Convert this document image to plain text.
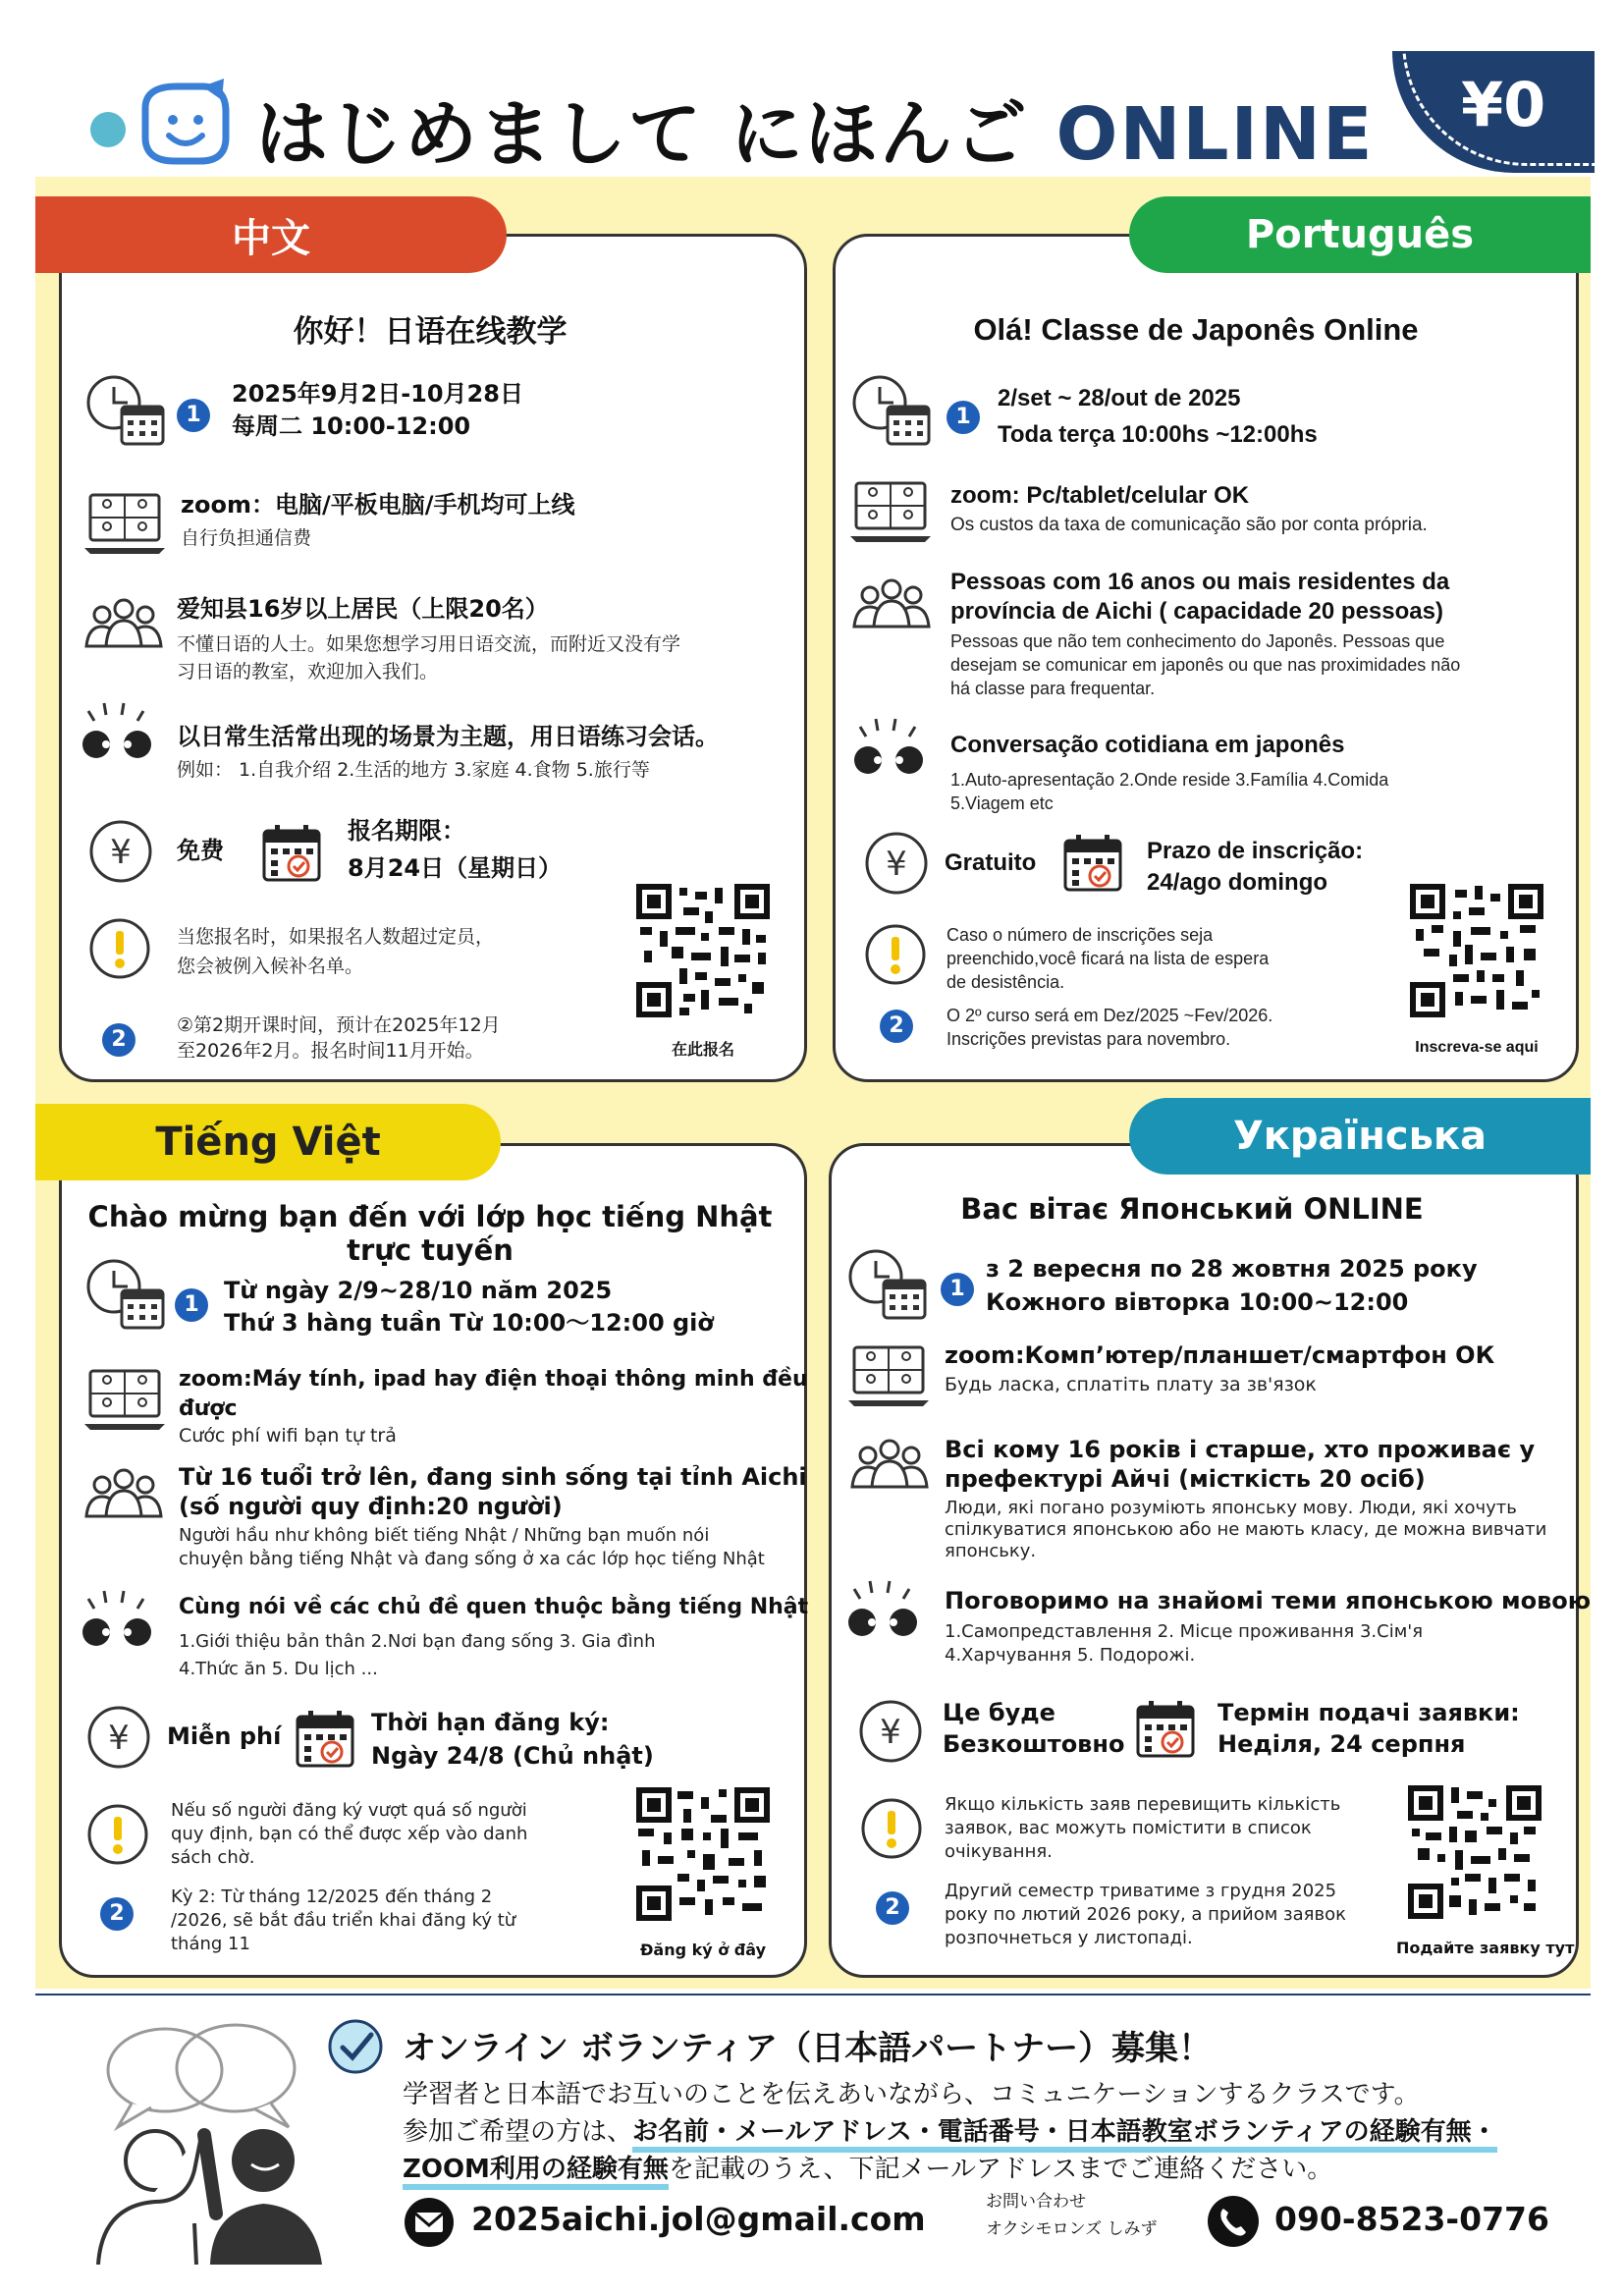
はじめまして にほんご ONLINE ¥0
中文
你好！日语在线教学
1
2025年9月2日-10月28日
每周二 10:00-12:00
zoom：电脑/平板电脑/手机均可上线
自行负担通信费
爱知县16岁以上居民（上限20名）
不懂日语的人士。如果您想学习用日语交流，而附近又没有学
习日语的教室，欢迎加入我们。
以日常生活常出现的场景为主题，用日语练习会话。
例如： 1.自我介绍 2.生活的地方 3.家庭 4.食物 5.旅行等
¥ 免费
报名期限：
8月24日（星期日）
当您报名时，如果报名人数超过定员，
您会被例入候补名单。
2
②第2期开课时间，预计在2025年12月
至2026年2月。报名时间11月开始。	在此报名
Português
Olá! Classe de Japonês Online
1
2/set ~ 28/out de 2025
Toda terça 10:00hs ~12:00hs
zoom: Pc/tablet/celular OK
Os custos da taxa de comunicação são por conta própria.
Pessoas com 16 anos ou mais residentes da
província de Aichi ( capacidade 20 pessoas)
Pessoas que não tem conhecimento do Japonês. Pessoas que
desejam se comunicar em japonês ou que nas proximidades não
há classe para frequentar.
Conversação cotidiana em japonês
1.Auto-apresentação 2.Onde reside 3.Família 4.Comida
5.Viagem etc
¥ Gratuito	Prazo de inscrição:
24/ago domingo
Caso o número de inscrições seja
preenchido,você ficará na lista de espera
de desistência.
2	O 2º curso será em Dez/2025 ~Fev/2026.
Inscrições previstas para novembro.	Inscreva-se aqui
Tiếng Việt
Chào mừng bạn đến với lớp học tiếng Nhật
trực tuyến
1
Từ ngày 2/9~28/10 năm 2025
Thứ 3 hàng tuần Từ 10:00〜12:00 giờ
zoom:Máy tính, ipad hay điện thoại thông minh đều
được
Cước phí wifi bạn tự trả
Từ 16 tuổi trở lên, đang sinh sống tại tỉnh Aichi
(số người quy định:20 người)
Người hầu như không biết tiếng Nhật / Những bạn muốn nói
chuyện bằng tiếng Nhật và đang sống ở xa các lớp học tiếng Nhật
Cùng nói về các chủ đề quen thuộc bằng tiếng Nhật
1.Giới thiệu bản thân 2.Nơi bạn đang sống 3. Gia đình
4.Thức ăn 5. Du lịch ...
¥ Miễn phí	Thời hạn đăng ký:
Ngày 24/8 (Chủ nhật)
Nếu số người đăng ký vượt quá số người
quy định, bạn có thể được xếp vào danh
sách chờ.
2
Kỳ 2: Từ tháng 12/2025 đến tháng 2
/2026, sẽ bắt đầu triển khai đăng ký từ
tháng 11	Đăng ký ở đây
Українська
Вас вітає Японський ONLINE
1
з 2 вересня по 28 жовтня 2025 року
Кожного вівторка 10:00~12:00
zoom:Комп’ютер/планшет/смартфон ОК
Будь ласка, сплатіть плату за зв'язок
Всі кому 16 років і старше, хто проживає у
префектурі Айчі (місткість 20 осіб)
Люди, які погано розуміють японську мову. Люди, які хочуть
спілкуватися японською або не мають класу, де можна вивчати
японську.
Поговоримо на знайомі теми японською мовою
1.Самопредставлення 2. Місце проживання 3.Сім'я
4.Харчування 5. Подорожі.
¥ Це буде
Безкоштовно
Термін подачі заявки:
Неділя, 24 серпня
Якщо кількість заяв перевищить кількість
заявок, вас можуть помістити в список
очікування.
2
Другий семестр триватиме з грудня 2025
року по лютий 2026 року, а прийом заявок
розпочнеться у листопаді.	Подайте заявку тут
オンライン ボランティア（日本語パートナー）募集！
学習者と日本語でお互いのことを伝えあいながら、コミュニケーションするクラスです。
参加ご希望の方は、お名前・メールアドレス・電話番号・日本語教室ボランティアの経験有無・
ZOOM利用の経験有無を記載のうえ、下記メールアドレスまでご連絡ください。
2025aichi.jol@gmail.com	お問い合わせ
オクシモロンズ しみず	090-8523-0776
